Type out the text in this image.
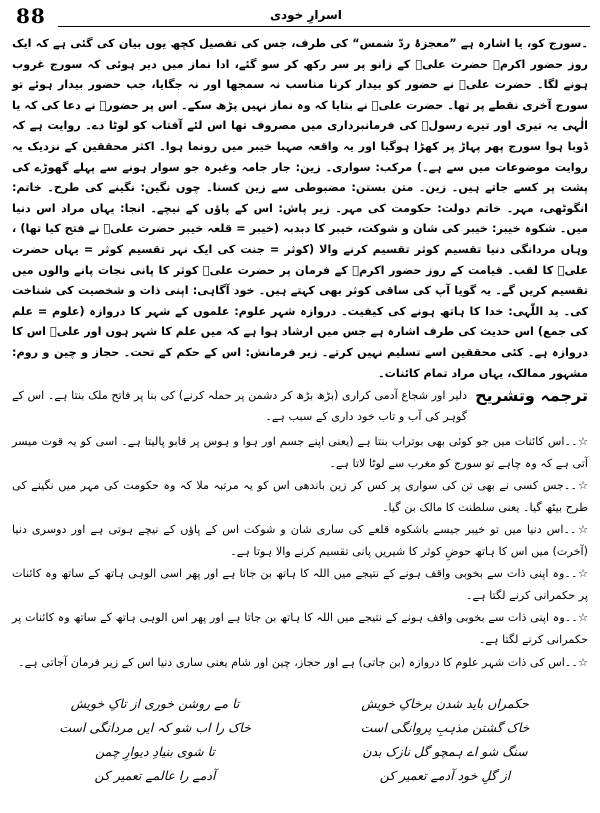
88	اسرارِ خودی

۔سورج کو، یا اشارہ ہے ”معجزۂ ردّ شمس“ کی طرف، جس کی تفصیل کچھ یوں بیان کی گئی ہے کہ ایک روز حضور اکرمؐ حضرت علیؓ کے زانو پر سر رکھ کر سو گئے، ادا نماز میں دیر ہوئی کہ سورج غروب ہونے لگا۔ حضرت علیؓ نے حضور کو بیدار کرنا مناسب نہ سمجھا اور نہ جگایا، جب حضور بیدار ہوئے تو سورج آخری نقطے پر تھا۔ حضرت علیؓ نے بتایا کہ وہ نماز نہیں پڑھ سکے۔ اس پر حضورؐ نے دعا کی کہ یا الٰہی یہ تیری اور تیرے رسولؐ کی فرمانبرداری میں مصروف تھا اس لئے آفتاب کو لوٹا دے۔ روایت ہے کہ ڈوبا ہوا سورج پھر پہاڑ پر کھڑا ہوگیا اور یہ واقعہ صہبا خیبر میں رونما ہوا۔ اکثر محققین کے نزدیک یہ روایت موضوعات میں سے ہے۔) مرکب: سواری۔ زین: جار جامہ وغیرہ جو سوار ہونے سے پہلے گھوڑے کی پشت پر کسے جاتے ہیں۔ زین۔ متن بستن: مضبوطی سے زین کسنا۔ چوں نگین: نگینے کی طرح۔ خاتم: انگوٹھی، مہر۔ خاتم دولت: حکومت کی مہر۔ زیر پاش: اس کے پاؤں کے نیچے۔ انجا: یہاں مراد اس دنیا میں۔ شکوہ خیبر: خیبر کی شان و شوکت، خیبر کا دبدبہ (خیبر = قلعہ خیبر حضرت علیؓ نے فتح کیا تھا) ، وہاں مردانگی دنیا تقسیم کوثر تقسیم کرنے والا (کوثر = جنت کی ایک نہر تقسیم کوثر = یہاں حضرت علیؓ کا لقب۔ قیامت کے روز حضور اکرمؐ کے فرمان پر حضرت علیؓ کوثر کا پانی نجات پانے والوں میں تقسیم کریں گے۔ یہ گویا آپ کی ساقی کوثر بھی کہتے ہیں۔ خود آگاہی: اپنی ذات و شخصیت کی شناخت کی۔ ید اللّٰہی: خدا کا ہاتھ ہونے کی کیفیت۔ دروازہ شہر علوم: علموں کے شہر کا دروازہ (علوم = علم کی جمع) اس حدیث کی طرف اشارہ ہے جس میں ارشاد ہوا ہے کہ میں علم کا شہر ہوں اور علیؓ اس کا دروازہ ہے۔ کئی محققین اسے تسلیم نہیں کرتے۔ زیر فرمانش: اس کے حکم کے تحت۔ حجاز و چین و روم: مشہور ممالک، یہاں مراد تمام کائنات۔

ترجمہ وتشریح
دلیر اور شجاع آدمی کراری (بڑھ بڑھ کر دشمن پر حملہ کرنے) کی بنا پر فاتح ملک بنتا ہے۔ اس کے گوہر کی آب و تاب خود داری کے سبب ہے۔

☆۔۔اس کائنات میں جو کوئی بھی بوتراب بنتا ہے (یعنی اپنے جسم اور ہوا و ہوس پر قابو پالیتا ہے۔ اسی کو یہ قوت میسر آتی ہے کہ وہ چاہے تو سورج کو مغرب سے لوٹا لاتا ہے۔

☆۔۔جس کسی نے بھی تن کی سواری پر کس کر زین باندھی اس کو یہ مرتبہ ملا کہ وہ حکومت کی مہر میں نگینے کی طرح بیٹھ گیا۔ یعنی سلطنت کا مالک بن گیا۔

☆۔۔اس دنیا میں تو خیبر جیسے باشکوہ قلعے کی ساری شان و شوکت اس کے پاؤں کے نیچے ہوتی ہے اور دوسری دنیا (آخرت) میں اس کا ہاتھ حوضِ کوثر کا شیریں پانی تقسیم کرنے والا ہوتا ہے۔

☆۔۔وہ اپنی ذات سے بخوبی واقف ہونے کے نتیجے میں اللہ کا ہاتھ بن جاتا ہے اور پھر اسی الوہی ہاتھ کے ساتھ وہ کائنات پر حکمرانی کرنے لگتا ہے۔

☆۔۔وہ اپنی ذات سے بخوبی واقف ہونے کے نتیجے میں اللہ کا ہاتھ بن جاتا ہے اور پھر اس الوہی ہاتھ کے ساتھ وہ کائنات پر حکمرانی کرنے لگتا ہے۔

☆۔۔اس کی ذات شہر علوم کا دروازہ (بن جاتی) ہے اور حجاز، چین اور شام یعنی ساری دنیا اس کے زیر فرمان آجاتی ہے۔

حکمراں باید شدن برخاکِ خویش
تا مے روشن خوری از تاکِ خویش
خاک گشتن مذہبِ پروانگی است
خاک را اب شو کہ ایں مردانگی است
سنگ شو اے ہمچو گل نازک بدن
تا شوی بنیادِ دیوارِ چمن
از گلِ خود آدمے تعمیر کن
آدمے را عالمے تعمیر کن
